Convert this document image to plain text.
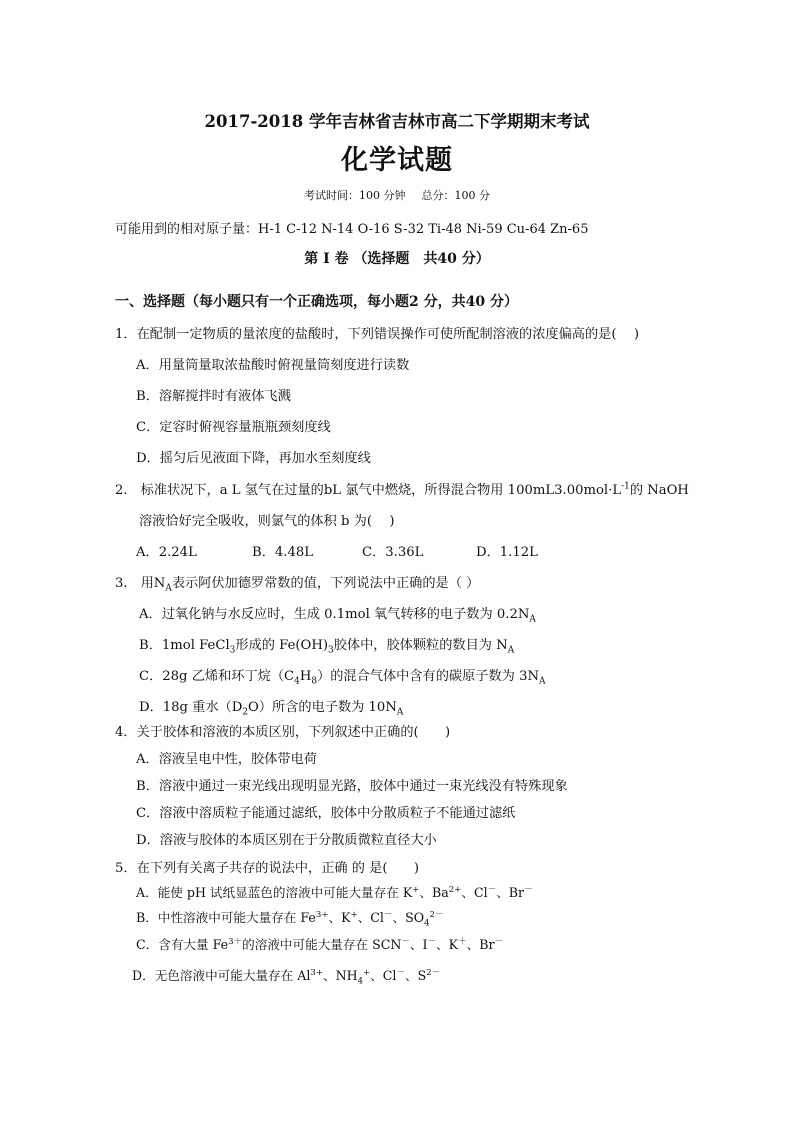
2017-2018 学年吉林省吉林市高二下学期期末考试
化学试题
考试时间：100 分钟 总分：100 分
可能用到的相对原子量：H-1 C-12 N-14 O-16 S-32 Ti-48 Ni-59 Cu-64 Zn-65
第 I 卷 （选择题　共40 分）
一、选择题（每小题只有一个正确选项，每小题2 分，共40 分）
1．在配制一定物质的量浓度的盐酸时，下列错误操作可使所配制溶液的浓度偏高的是(　 )
A．用量筒量取浓盐酸时俯视量筒刻度进行读数
B．溶解搅拌时有液体飞溅
C．定容时俯视容量瓶瓶颈刻度线
D．摇匀后见液面下降，再加水至刻度线
2. 标准状况下，a L 氢气在过量的bL 氯气中燃烧，所得混合物用 $100mL3.00mol\cdot L^{-1}$的 NaOH
溶液恰好完全吸收，则氯气的体积 b 为(　 )
A．2.24L	B．4.48L	C．3.36L	D．1.12L
3. 用$N_A$表示阿伏加德罗常数的值，下列说法中正确的是（ ）
A．过氧化钠与水反应时，生成 0.1mol 氧气转移的电子数为 $0.2N_A$
B．1mol FeCl$_3$形成的 $Fe(OH)_3$胶体中，胶体颗粒的数目为 $N_A$
C．28g 乙烯和环丁烷$(C_4H_8)$的混合气体中含有的碳原子数为 $3N_A$
D．18g 重水$(D_2O)$所含的电子数为 $10N_A$
4．关于胶体和溶液的本质区别，下列叙述中正确的(　　)
A．溶液呈电中性，胶体带电荷
B．溶液中通过一束光线出现明显光路，胶体中通过一束光线没有特殊现象
C．溶液中溶质粒子能通过滤纸，胶体中分散质粒子不能通过滤纸
D．溶液与胶体的本质区别在于分散质微粒直径大小
5．在下列有关离子共存的说法中，正确 的 是(　　)
A．能使 pH 试纸显蓝色的溶液中可能大量存在 K+、$Ba^{2+}$、Cl－、Br－
B．中性溶液中可能大量存在 $Fe^{3+}$、K+、Cl－、$SO_4^{2-}$
C．含有大量 $Fe^{3+}$的溶液中可能大量存在 SCN－、I－、K＋、Br－
D．无色溶液中可能大量存在 $Al^{3+}$、$NH_4^+$、Cl－、$S^{2-}$
